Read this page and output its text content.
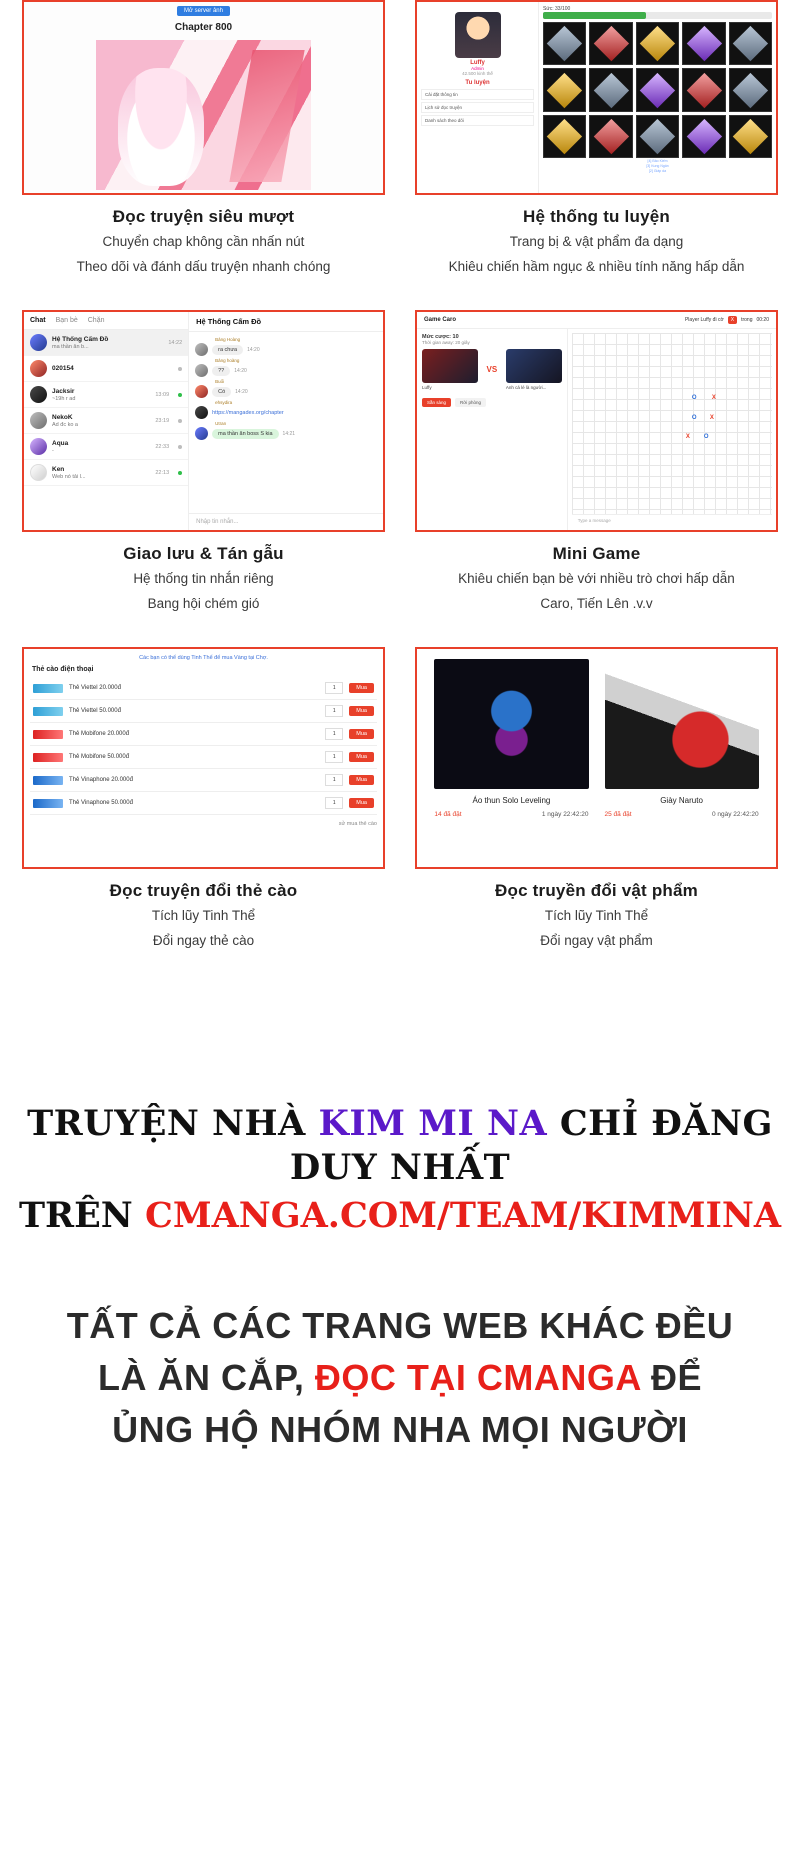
Mở server ảnh
Chapter 800
Đọc truyện siêu mượt
Chuyển chap không cần nhấn nút
Theo dõi và đánh dấu truyện nhanh chóng
Luffy
Admin
42.500 kinh thế
Tu luyện
Cải đặt thông tin
Lịch sử đọc truyện
Danh sách theo dõi
Sức: 33/100
[4] Bảo Kiếm
[3] Kung Ngân
[2] Giáp da
Hệ thống tu luyện
Trang bị & vật phẩm đa dạng
Khiêu chiến hầm ngục & nhiều tính năng hấp dẫn
Chat Bạn bè Chặn
Hệ Thống Cấm Đồ
ma thần ăn b...
14:22
020154
Jacksir
~19h r ad
13:09
NekoK
Ad đc ko a
23:19
Aqua
-
22:33
Ken
Web nó tải l...
22:13
Hệ Thống Cấm Đồ
Bảng Hoàng
ra chưa	14:20
Bảng hoàng
??	14:20
Buổi
Có	14:20
ehsydira
https://mangadex.org/chapter
Utran
ma thần ăn boss S kia	14:21
Nhập tin nhắn...
Giao lưu & Tán gẫu
Hệ thống tin nhắn riêng
Bang hội chém gió
Game Caro	Player Luffy đi cờ	X	trong 00:20
Mức cược: 10
Thời gian away: 20 giây
Luffy
VS
Anh cá lé là người...
Sẵn sàng	Rời phòng
O	X
O X
X O
Type a message
Mini Game
Khiêu chiến bạn bè với nhiều trò chơi hấp dẫn
Caro, Tiến Lên .v.v
Các bạn có thể dùng Tinh Thể để mua Vàng tại Chợ.
Thẻ cào điện thoại
Thẻ Viettel 20.000đ	1	Mua
Thẻ Viettel 50.000đ	1	Mua
Thẻ Mobifone 20.000đ	1	Mua
Thẻ Mobifone 50.000đ	1	Mua
Thẻ Vinaphone 20.000đ	1	Mua
Thẻ Vinaphone 50.000đ	1	Mua
sử mua thẻ cào
Đọc truyện đổi thẻ cào
Tích lũy Tinh Thể
Đổi ngay thẻ cào
Áo thun Solo Leveling
14 đã đặt	1 ngày 22:42:20
Giày Naruto
25 đã đặt	0 ngày 22:42:20
Đọc truyền đổi vật phẩm
Tích lũy Tinh Thể
Đổi ngay vật phẩm
TRUYỆN NHÀ KIM MI NA CHỈ ĐĂNG DUY NHẤT
TRÊN CMANGA.COM/TEAM/KIMMINA
TẤT CẢ CÁC TRANG WEB KHÁC ĐỀU
LÀ ĂN CẮP, ĐỌC TẠI CMANGA ĐỂ
ỦNG HỘ NHÓM NHA MỌI NGƯỜI
